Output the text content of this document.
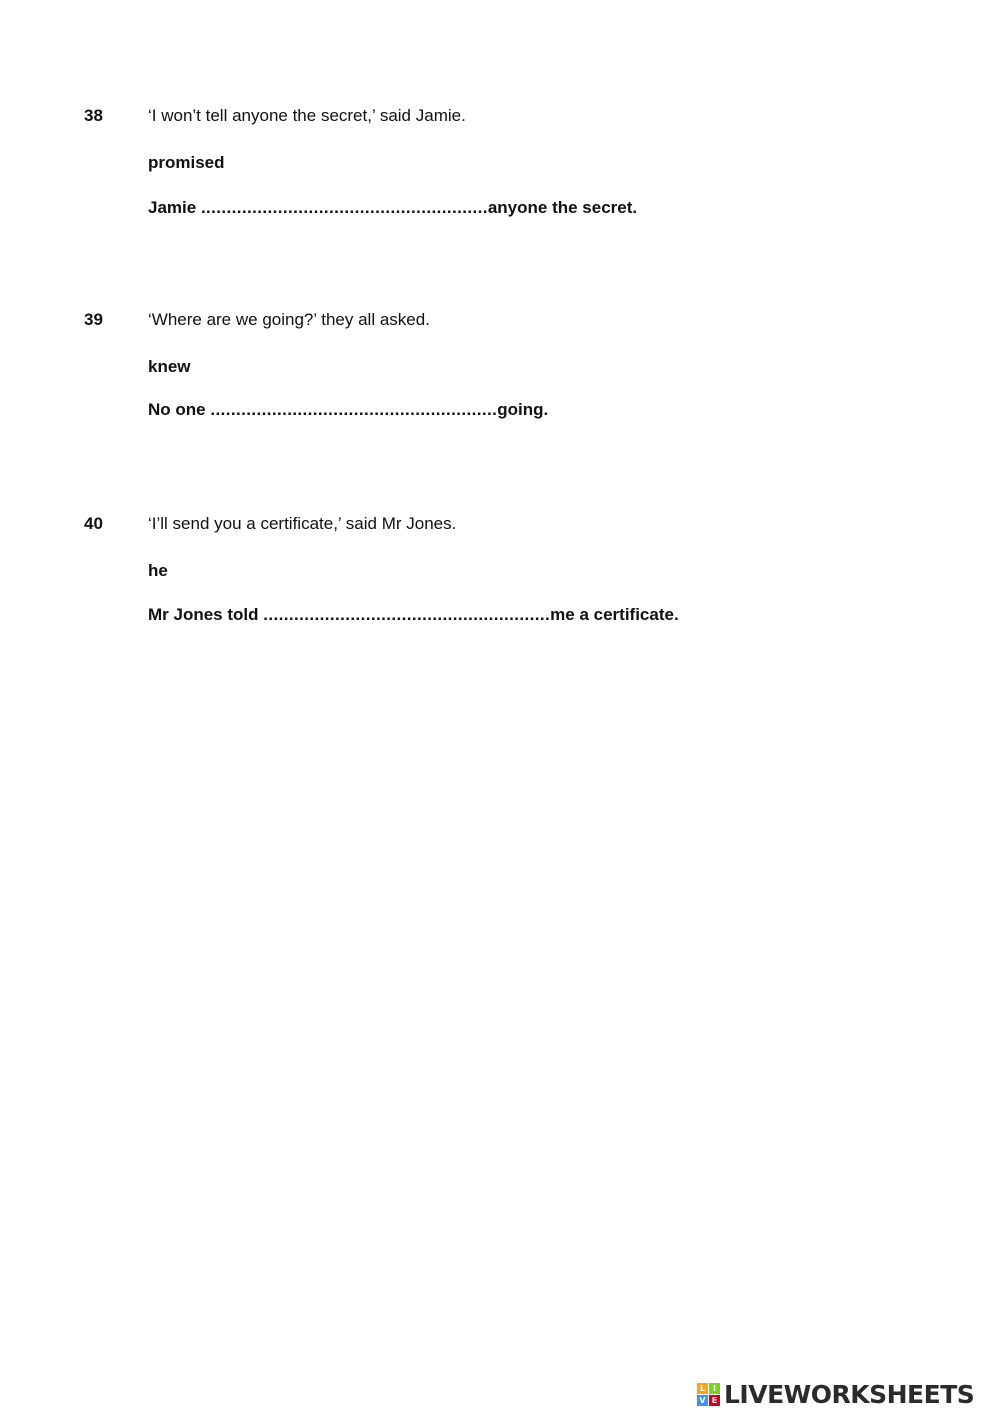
38	‘I won’t tell anyone the secret,’ said Jamie.
promised
Jamie ........................................................anyone the secret.
39	‘Where are we going?’ they all asked.
knew
No one ........................................................going.
40	‘I’ll send you a certificate,’ said Mr Jones.
he
Mr Jones told ........................................................me a certificate.
L I
V E LIVEWORKSHEETS
